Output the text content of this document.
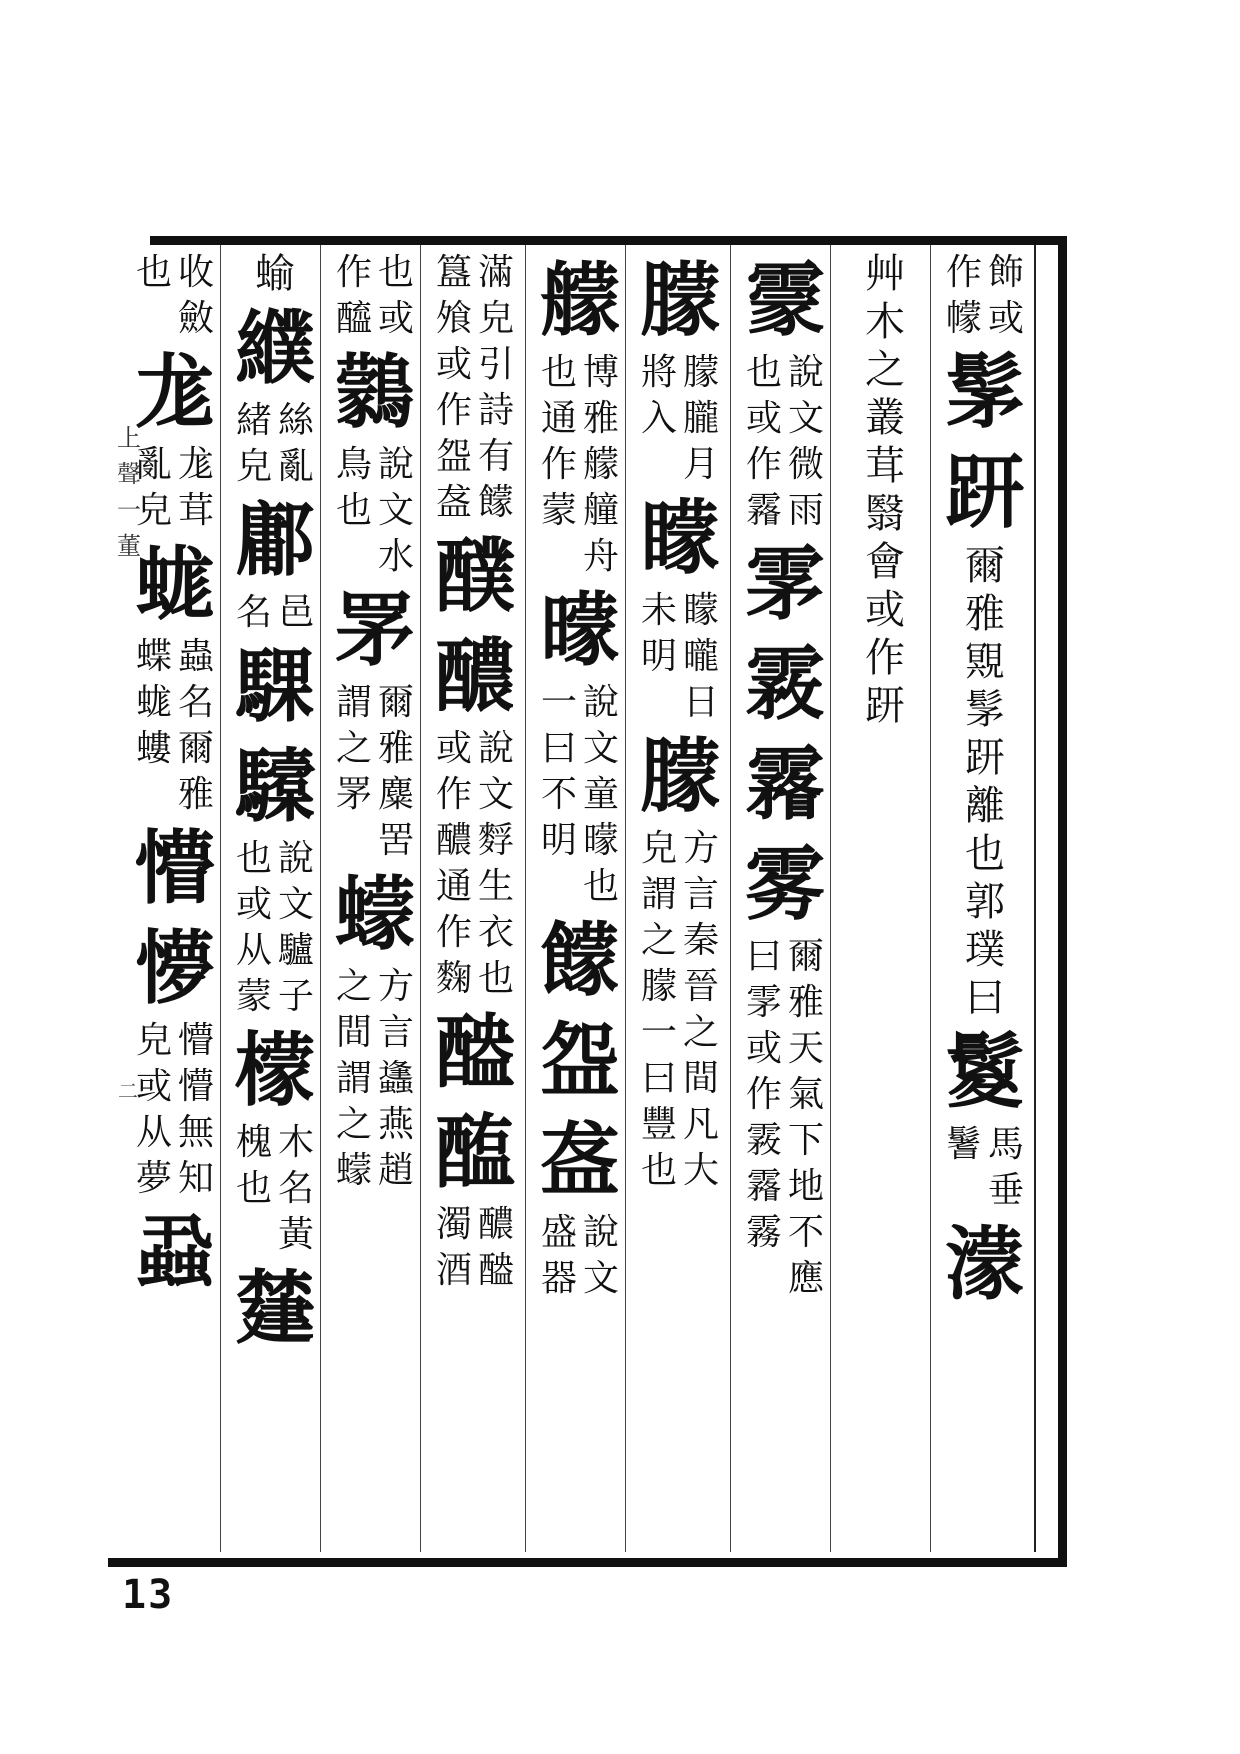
上
聲
一
董
二
飾
或
作
幪
髳
趼
爾
雅
覭
髳
趼
離
也
郭
璞
曰
鬉
馬
垂
鬐
濛
艸
木
之
叢
茸
翳
會
或
作
趼
霥
說
文
微
雨
也
或
作
霿
雺
霚
霿
雾
爾
雅
天
氣
下
地
不
應
曰
雺
或
作
霚
霿
霧
朦
朦
朧
月
將
入
矇
矇
曨
日
未
明
朦
方
言
秦
晉
之
間
凡
大
皃
謂
之
朦
一
曰
豐
也
艨
博
雅
艨
艟
舟
也
通
作
蒙
曚
說
文
童
曚
也
一
曰
不
明
饛
盌
盋
說
文
盛
器
滿
皃
引
詩
有
饛
簋
飧
或
作
盌
盋
醭
醲
說
文
䴸
生
衣
也
或
作
醲
通
作
麴
醠
醢
醲
醠
濁
酒
也
或
作
醯
鸏
說
文
水
鳥
也
罞
爾
雅
麋
罟
謂
之
罞
蠓
方
言
蠭
燕
趙
之
間
謂
之
蠓
蝓
纀
絲
亂
緒
皃
鄘
邑
名
騍
驝
說
文
驢
子
也
或
从
蒙
檬
木
名
黃
槐
也
㯬
收
斂
也
尨
尨
茸
亂
皃
蛖
蟲
名
爾
雅
蝶
蛖
螻
懵
懜
懵
懵
無
知
皃
或
从
夢
蝨
13
